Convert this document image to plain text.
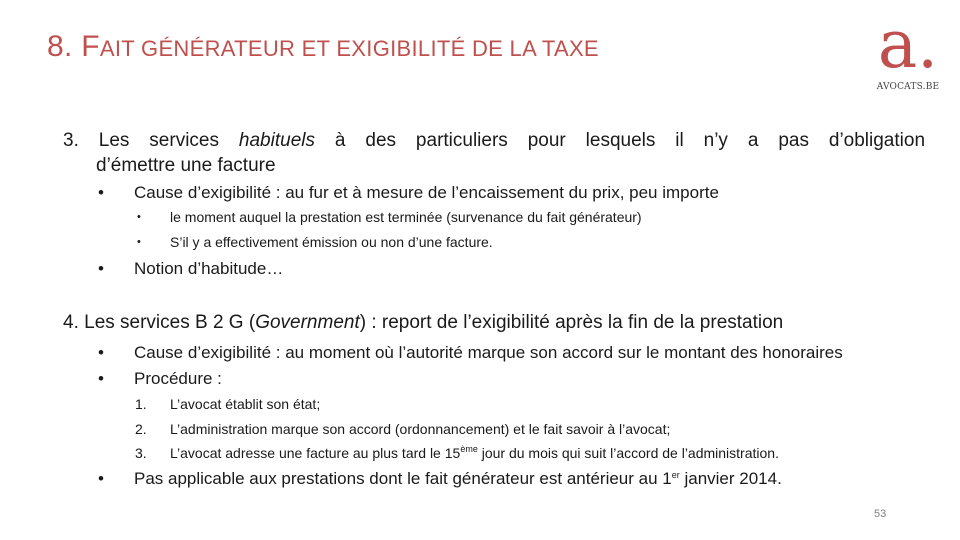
8. FAIT GÉNÉRATEUR ET EXIGIBILITÉ DE LA TAXE	a.
AVOCATS.BE
3. Les services habituels à des particuliers pour lesquels il n’y a pas d’obligation
d’émettre une facture
• Cause d’exigibilité : au fur et à mesure de l’encaissement du prix, peu importe
• le moment auquel la prestation est terminée (survenance du fait générateur)
• S’il y a effectivement émission ou non d’une facture.
• Notion d’habitude…
4. Les services B 2 G (Government) : report de l’exigibilité après la fin de la prestation
• Cause d’exigibilité : au moment où l’autorité marque son accord sur le montant des honoraires
• Procédure :
1. L’avocat établit son état;
2. L’administration marque son accord (ordonnancement) et le fait savoir à l’avocat;
3. L’avocat adresse une facture au plus tard le 15ème jour du mois qui suit l’accord de l’administration.
• Pas applicable aux prestations dont le fait générateur est antérieur au 1er janvier 2014.
53
